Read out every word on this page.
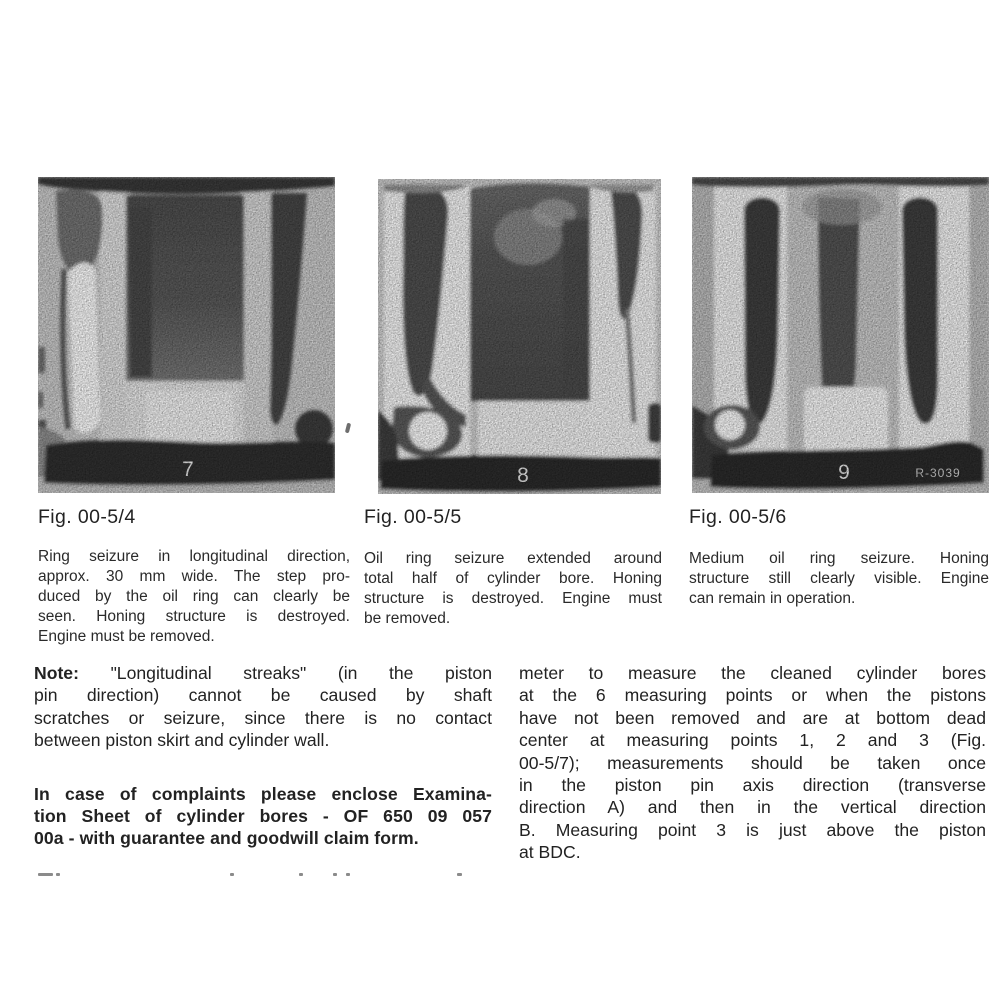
7	8	9	R-3039
Fig. 00-5/4	Fig. 00-5/5	Fig. 00-5/6
Ring seizure in longitudinal direction,
approx. 30 mm wide. The step pro-
duced by the oil ring can clearly be
seen. Honing structure is destroyed.
Engine must be removed.
Oil ring seizure extended around
total half of cylinder bore. Honing
structure is destroyed. Engine must
be removed.
Medium oil ring seizure. Honing
structure still clearly visible. Engine
can remain in operation.
Note: "Longitudinal streaks" (in the piston
pin direction) cannot be caused by shaft
scratches or seizure, since there is no contact
between piston skirt and cylinder wall.
In case of complaints please enclose Examina-
tion Sheet of cylinder bores - OF 650 09 057
00a - with guarantee and goodwill claim form.
meter to measure the cleaned cylinder bores
at the 6 measuring points or when the pistons
have not been removed and are at bottom dead
center at measuring points 1, 2 and 3 (Fig.
00-5/7); measurements should be taken once
in the piston pin axis direction (transverse
direction A) and then in the vertical direction
B. Measuring point 3 is just above the piston
at BDC.
